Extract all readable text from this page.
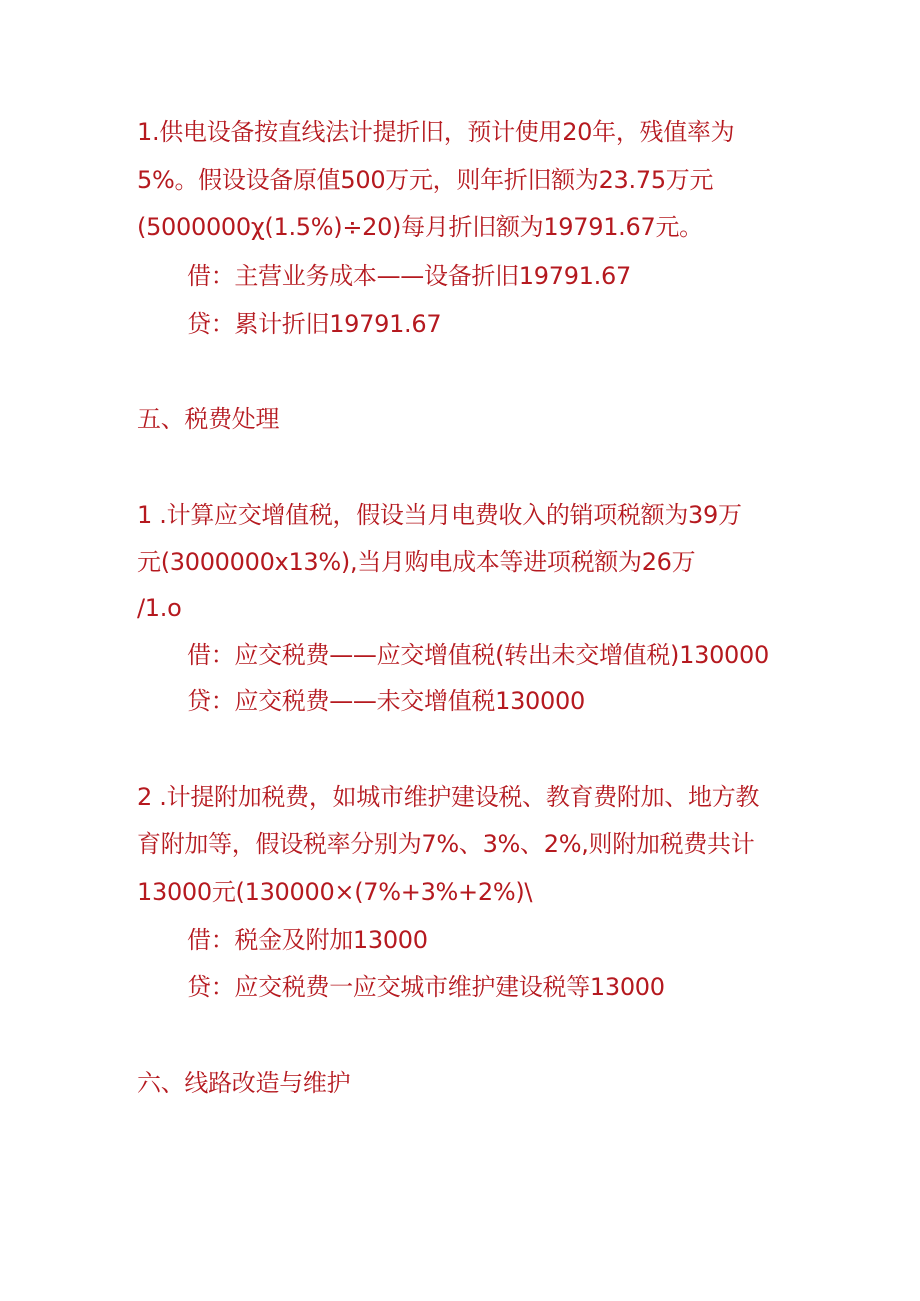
1.供电设备按直线法计提折旧，预计使用20年，残值率为
5%。假设设备原值500万元，则年折旧额为23.75万元
(5000000χ(1.5%)÷20)每月折旧额为19791.67元。
借：主营业务成本——设备折旧19791.67
贷：累计折旧19791.67
五、税费处理
1 .计算应交增值税，假设当月电费收入的销项税额为39万
元(3000000x13%),当月购电成本等进项税额为26万
∕1.o
借：应交税费——应交增值税(转出未交增值税)130000
贷：应交税费——未交增值税130000
2 .计提附加税费，如城市维护建设税、教育费附加、地方教
育附加等，假设税率分别为7%、3%、2%,则附加税费共计
13000元(130000×(7%+3%+2%)\
借：税金及附加13000
贷：应交税费一应交城市维护建设税等13000
六、线路改造与维护
